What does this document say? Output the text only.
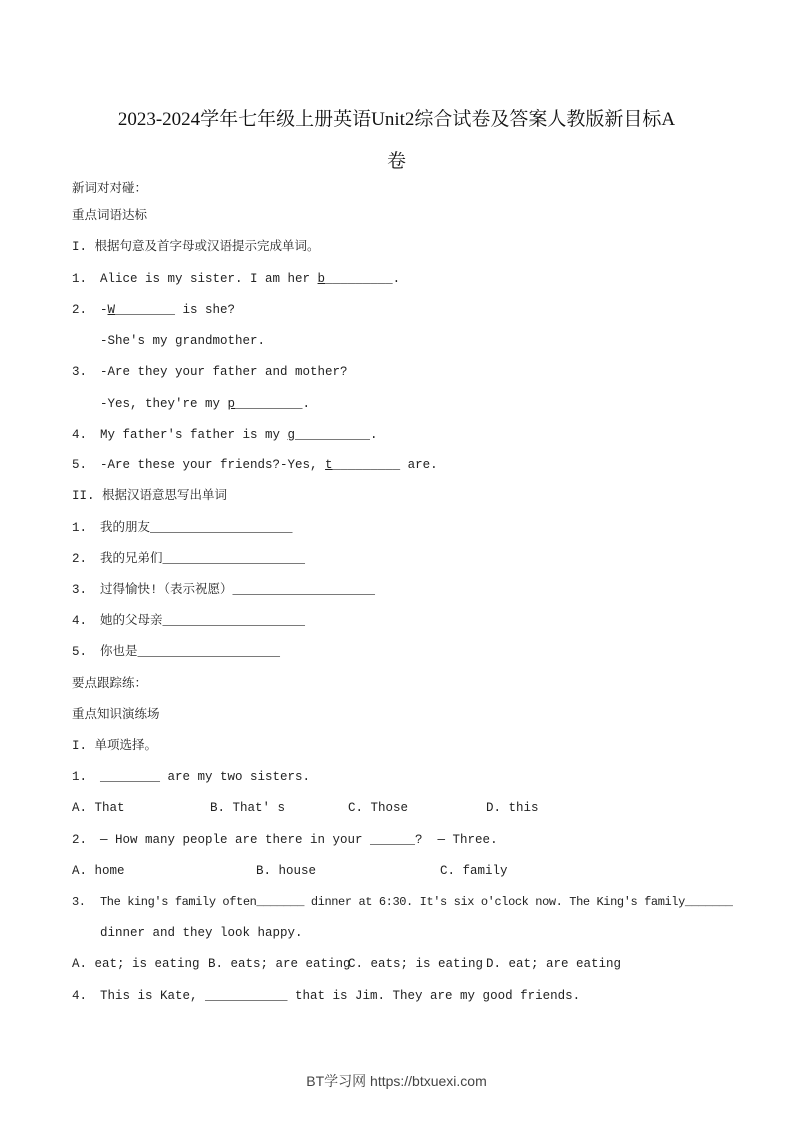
2023-2024学年七年级上册英语Unit2综合试卷及答案人教版新目标A
卷
新词对对碰：
重点词语达标
I. 根据句意及首字母或汉语提示完成单词。
1. Alice is my sister. I am her b_________.
2. -W________ is she?
-She's my grandmother.
3. -Are they your father and mother?
-Yes, they're my p_________.
4. My father's father is my g__________.
5. -Are these your friends?-Yes, t_________ are.
II. 根据汉语意思写出单词
1. 我的朋友___________________
2. 我的兄弟们___________________
3. 过得愉快!（表示祝愿）___________________
4. 她的父母亲___________________
5. 你也是___________________
要点跟踪练：
重点知识演练场
I. 单项选择。
1. ________ are my two sisters.

A. That

	B. That' s

	C. Those

	D. this

2. — How many people are there in your ______?  — Three.

A. home

	B. house

	C. family

3. The king's family often_______ dinner at 6:30. It's six o'clock now. The King's family_______
dinner and they look happy.

A. eat; is eating

B. eats; are eating

C. eats; is eating

D. eat; are eating

4. This is Kate, ___________ that is Jim. They are my good friends.
BT学习网 https://btxuexi.com
